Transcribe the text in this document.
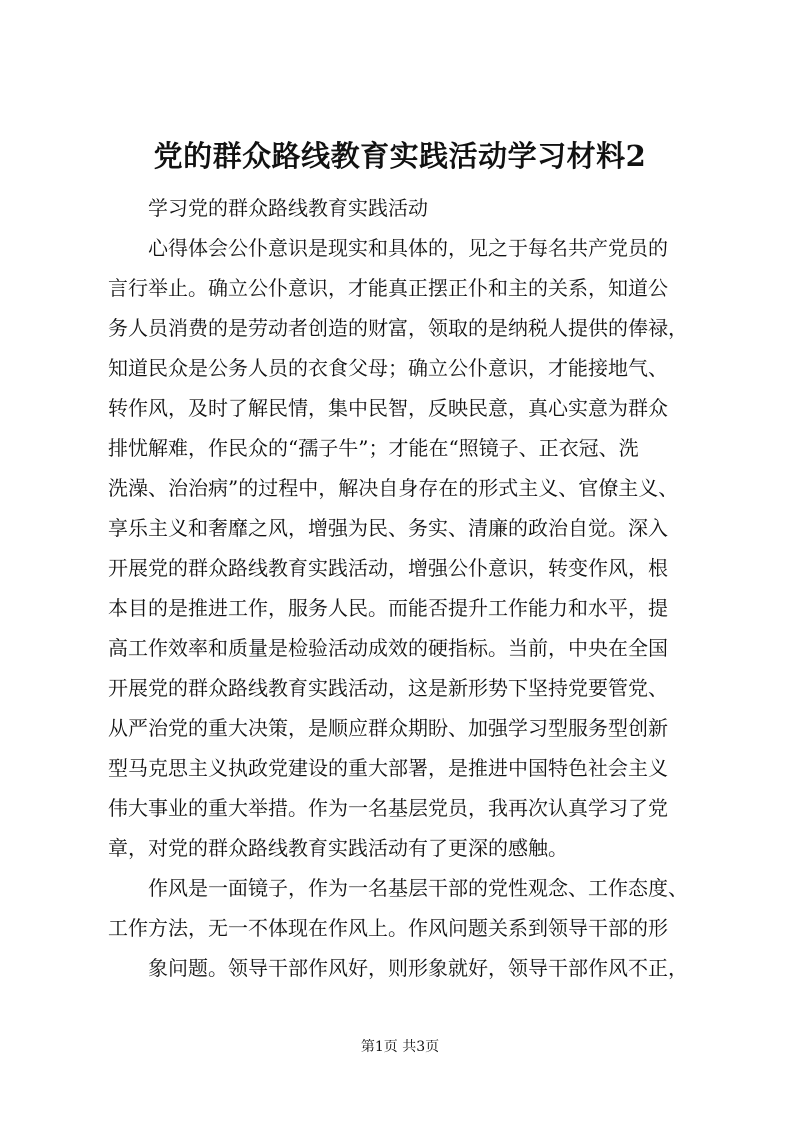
党的群众路线教育实践活动学习材料2
学习党的群众路线教育实践活动
心得体会公仆意识是现实和具体的，见之于每名共产党员的
言行举止。确立公仆意识，才能真正摆正仆和主的关系，知道公
务人员消费的是劳动者创造的财富，领取的是纳税人提供的俸禄，
知道民众是公务人员的衣食父母；确立公仆意识，才能接地气、
转作风，及时了解民情，集中民智，反映民意，真心实意为群众
排忧解难，作民众的“孺子牛”；才能在“照镜子、正衣冠、洗
洗澡、治治病”的过程中，解决自身存在的形式主义、官僚主义、
享乐主义和奢靡之风，增强为民、务实、清廉的政治自觉。深入
开展党的群众路线教育实践活动，增强公仆意识，转变作风，根
本目的是推进工作，服务人民。而能否提升工作能力和水平，提
高工作效率和质量是检验活动成效的硬指标。当前，中央在全国
开展党的群众路线教育实践活动，这是新形势下坚持党要管党、
从严治党的重大决策，是顺应群众期盼、加强学习型服务型创新
型马克思主义执政党建设的重大部署，是推进中国特色社会主义
伟大事业的重大举措。作为一名基层党员，我再次认真学习了党
章，对党的群众路线教育实践活动有了更深的感触。
作风是一面镜子，作为一名基层干部的党性观念、工作态度、
工作方法，无一不体现在作风上。作风问题关系到领导干部的形
象问题。领导干部作风好，则形象就好，领导干部作风不正，
第1页 共3页
